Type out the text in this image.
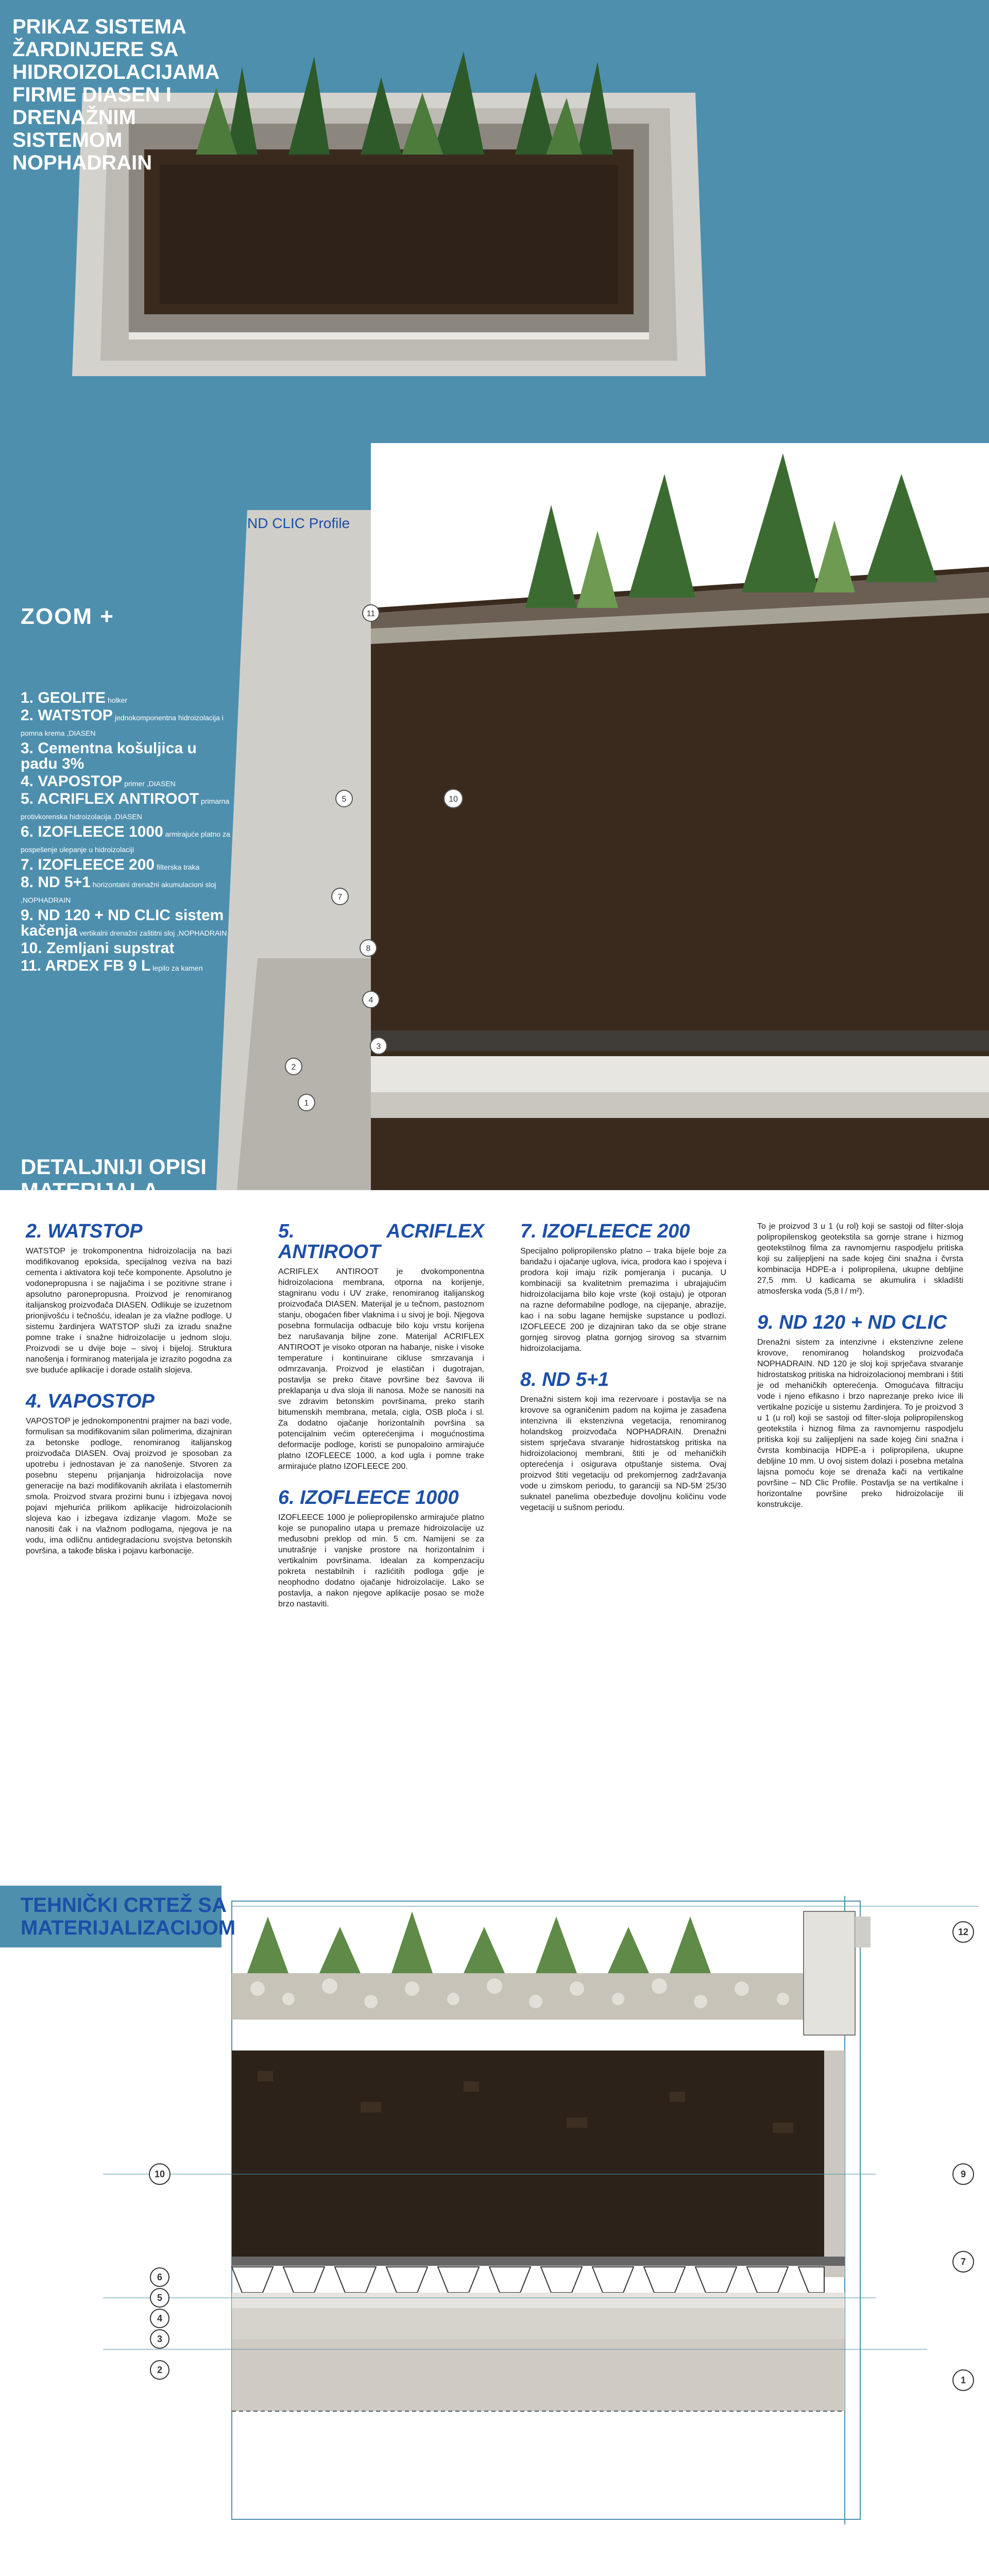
PRIKAZ SISTEMA ŽARDINJERE SA HIDROIZOLACIJAMA FIRME DIASEN I DRENAŽNIM SISTEMOM NOPHADRAIN
11
10
5
7
8
4
3
2
1
ND CLIC Profile
ZOOM +
1. GEOLITE holker
2. WATSTOP jednokomponentna hidroizolacija i pomna krema ,DIASEN
3. Cementna košuljica u padu 3%
4. VAPOSTOP primer ,DIASEN
5. ACRIFLEX ANTIROOT primarna protivkorenska hidroizolacija ,DIASEN
6. IZOFLEECE 1000 armirajuće platno za pospešenje ulepanje u hidroizolaciji
7. IZOFLEECE 200 filterska traka
8. ND 5+1 horizontalni drenažni akumulacioni sloj ,NOPHADRAIN
9. ND 120 + ND CLIC sistem kačenja vertikalni drenažni zaštitni sloj ,NOPHADRAIN
10. Zemljani supstrat
11. ARDEX FB 9 L lepilo za kamen
DETALJNIJI OPISI MATERIJALA
2. WATSTOP

WATSTOP je trokomponentna hidroizolacija na bazi modifikovanog epoksida, specijalnog veziva na bazi cementa i aktivatora koji teče komponente. Apsolutno je vodonepropusna i se najjačima i se pozitivne strane i apsolutno paronepropusna. Proizvod je renomiranog italijanskog proizvođača DIASEN. Odlikuje se izuzetnom prionjivošću i tečnošću, idealan je za vlažne podloge. U sistemu žardinjera WATSTOP služi za izradu snažne pomne trake i snažne hidroizolacije u jednom sloju. Proizvodi se u dvije boje – sivoj i bijeloj. Struktura nanošenja i formiranog materijala je izrazito pogodna za sve buduće aplikacije i dorade ostalih slojeva.

4. VAPOSTOP

VAPOSTOP je jednokomponentni prajmer na bazi vode, formulisan sa modifikovanim silan polimerima, dizajniran za betonske podloge, renomiranog italijanskog proizvođača DIASEN. Ovaj proizvod je sposoban za upotrebu i jednostavan je za nanošenje. Stvoren za posebnu stepenu prijanjanja hidroizolacija nove generacije na bazi modifikovanih akrilata i elastomernih smola. Proizvod stvara prozirni bunu i izbjegava novoj pojavi mjehurića prilikom aplikacije hidroizolacionih slojeva kao i izbegava izdizanje vlagom. Može se nanositi čak i na vlažnom podlogama, njegova je na vodu, ima odličnu antidegradacionu svojstva betonskih površina, a takođe bliska i pojavu karbonacije.

5. ACRIFLEX ANTIROOT

ACRIFLEX ANTIROOT je dvokomponentna hidroizolaciona membrana, otporna na korijenje, stagniranu vodu i UV zrake, renomiranog italijanskog proizvođača DIASEN. Materijal je u tečnom, pastoznom stanju, obogaćen fiber vlaknima i u sivoj je boji. Njegova posebna formulacija odbacuje bilo koju vrstu korijena bez narušavanja biljne zone. Materijal ACRIFLEX ANTIROOT je visoko otporan na habanje, niske i visoke temperature i kontinuirane cikluse smrzavanja i odmrzavanja. Proizvod je elastičan i dugotrajan, postavlja se preko čitave površine bez šavova ili preklapanja u dva sloja ili nanosa. Može se nanositi na sve zdravim betonskim površinama, preko starih bitumenskih membrana, metala, cigla, OSB ploča i sl. Za dodatno ojačanje horizontalnih površina sa potencijalnim većim opterećenjima i mogućnostima deformacije podloge, koristi se punopaloino armirajuće platno IZOFLEECE 1000, a kod ugla i pomne trake armirajuće platno IZOFLEECE 200.

6. IZOFLEECE 1000

IZOFLEECE 1000 je poliepropilensko armirajuće platno koje se punopalino utapa u premaze hidroizolacije uz međusobni preklop od min. 5 cm. Namijeni se za unutrašnje i vanjske prostore na horizontalnim i vertikalnim površinama. Idealan za kompenzaciju pokreta nestabilnih i razlićitih podloga gdje je neophodno dodatno ojačanje hidroizolacije. Lako se postavlja, a nakon njegove aplikacije posao se može brzo nastaviti.

7. IZOFLEECE 200

Specijalno polipropilensko platno – traka bijele boje za bandažu i ojačanje uglova, ivica, prodora kao i spojeva i prodora koji imaju rizik pomjeranja i pucanja. U kombinaciji sa kvalitetnim premazima i ubrajajućim hidroizolacijama bilo koje vrste (koji ostaju) je otporan na razne deformabilne podloge, na cijepanje, abrazije, kao i na sobu lagane hemijske supstance u podlozi. IZOFLEECE 200 je dizajniran tako da se obje strane gornjeg sirovog platna gornjog sirovog sa stvarnim hidroizolacijama.

8. ND 5+1

Drenažni sistem koji ima rezervoare i postavlja se na krovove sa ograničenim padom na kojima je zasađena intenzivna ili ekstenzivna vegetacija, renomiranog holandskog proizvođača NOPHADRAIN. Drenažni sistem sprječava stvaranje hidrostatskog pritiska na hidroizolacionoj membrani, štiti je od mehaničkih opterećenja i osigurava otpuštanje sistema. Ovaj proizvod štiti vegetaciju od prekomjernog zadržavanja vode u zimskom periodu, to garanciji sa ND-5M 25/30 suknatel panelima obezbeđuje dovoljnu količinu vode vegetaciji u sušnom periodu.

To je proizvod 3 u 1 (u rol) koji se sastoji od filter-sloja polipropilenskog geotekstila sa gornje strane i hizmog geotekstilnog filma za ravnomjernu raspodjelu pritiska koji su zalijepljeni na sade kojeg čini snažna i čvrsta kombinacija HDPE-a i polipropilena, ukupne debljine 27,5 mm. U kadicama se akumulira i skladišti atmosferska voda (5,8 l / m²).

9. ND 120 + ND CLIC

Drenažni sistem za intenzivne i ekstenzivne zelene krovove, renomiranog holandskog proizvođača NOPHADRAIN. ND 120 je sloj koji sprječava stvaranje hidrostatskog pritiska na hidroizolacionoj membrani i štiti je od mehaničkih opterećenja. Omogućava filtraciju vode i njeno efikasno i brzo naprezanje preko ivice ili vertikalne pozicije u sistemu žardinjera. To je proizvod 3 u 1 (u rol) koji se sastoji od filter-sloja polipropilenskog geotekstila i hiznog filma za ravnomjernu raspodjelu pritiska koji su zalijepljeni na sade kojeg čini snažna i čvrsta kombinacija HDPE-a i polipropilena, ukupne debljine 10 mm. U ovoj sistem dolazi i posebna metalna lajsna pomoću koje se drenaža kači na vertikalne površine – ND Clic Profile. Postavlja se na vertikalne i horizontalne površine preko hidroizolacije ili konstrukcije.

12
9
7
1
10
6
5
4
3
2
TEHNIČKI CRTEŽ SA MATERIJALIZACIJOM
